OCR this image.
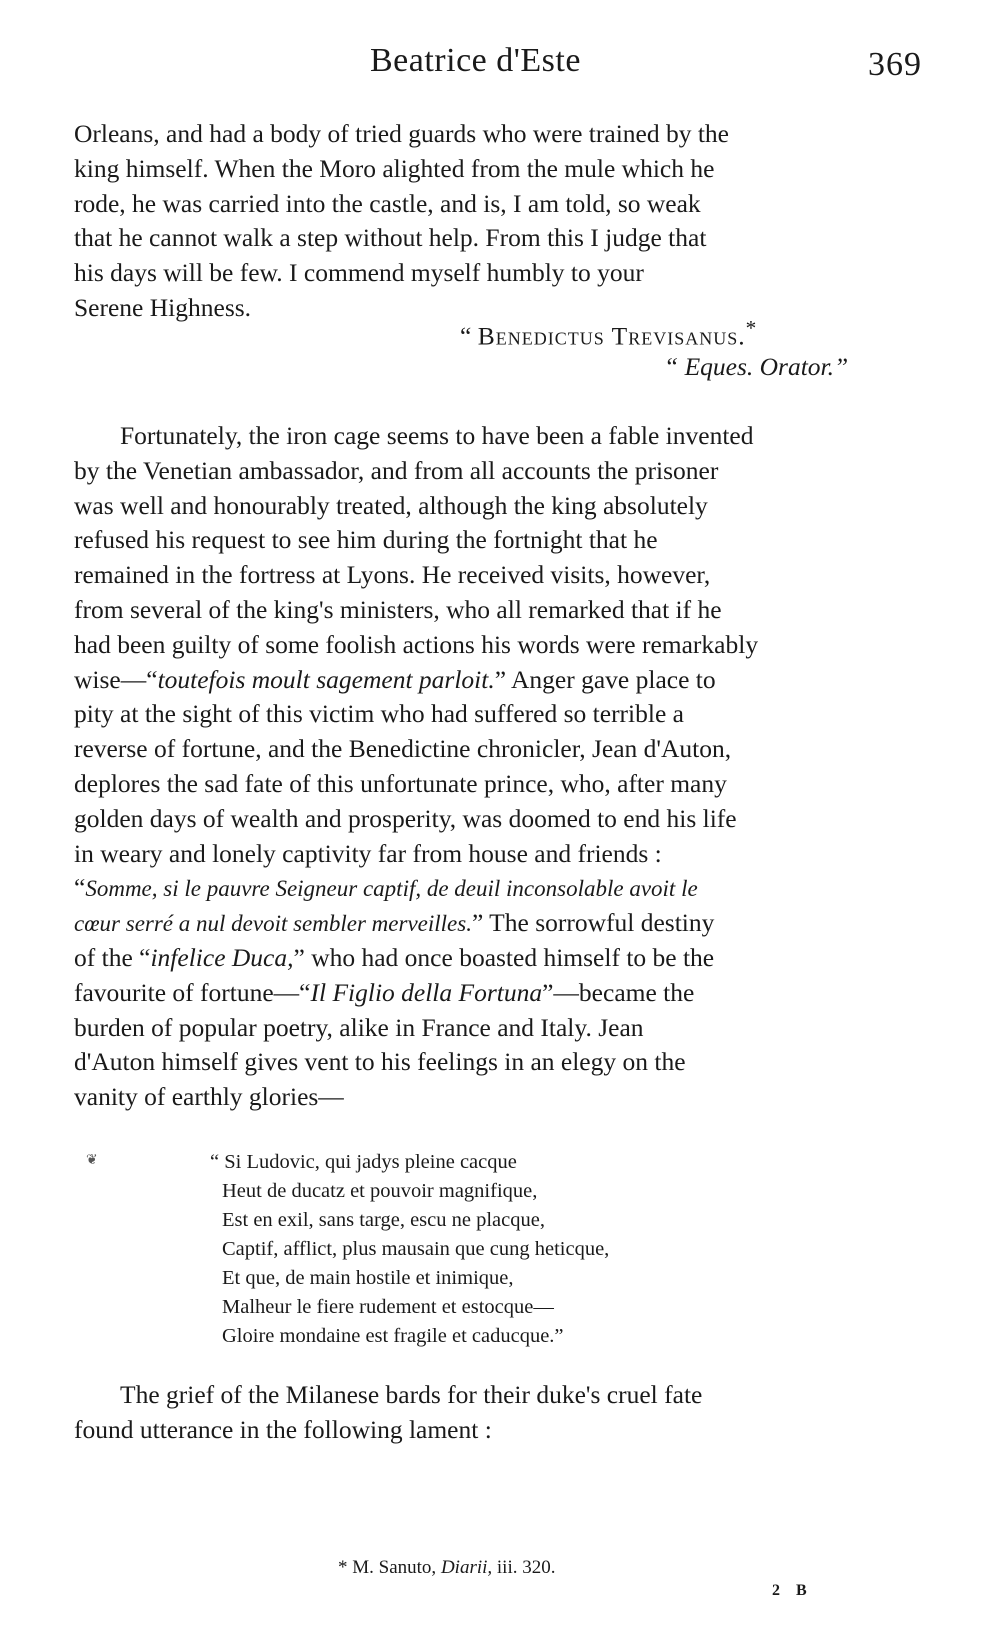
Beatrice d'Este	369
Orleans, and had a body of tried guards who were trained by the
king himself. When the Moro alighted from the mule which he
rode, he was carried into the castle, and is, I am told, so weak
that he cannot walk a step without help. From this I judge that
his days will be few. I commend myself humbly to your
Serene Highness.
“ Benedictus Trevisanus.*
“ Eques. Orator.”
Fortunately, the iron cage seems to have been a fable invented
by the Venetian ambassador, and from all accounts the prisoner
was well and honourably treated, although the king absolutely
refused his request to see him during the fortnight that he
remained in the fortress at Lyons. He received visits, however,
from several of the king's ministers, who all remarked that if he
had been guilty of some foolish actions his words were remarkably
wise—“toutefois moult sagement parloit.” Anger gave place to
pity at the sight of this victim who had suffered so terrible a
reverse of fortune, and the Benedictine chronicler, Jean d'Auton,
deplores the sad fate of this unfortunate prince, who, after many
golden days of wealth and prosperity, was doomed to end his life
in weary and lonely captivity far from house and friends :
“Somme, si le pauvre Seigneur captif, de deuil inconsolable avoit le
cœur serré a nul devoit sembler merveilles.” The sorrowful destiny
of the “infelice Duca,” who had once boasted himself to be the
favourite of fortune—“Il Figlio della Fortuna”—became the
burden of popular poetry, alike in France and Italy. Jean
d'Auton himself gives vent to his feelings in an elegy on the
vanity of earthly glories—
❦	“ Si Ludovic, qui jadys pleine cacque
Heut de ducatz et pouvoir magnifique,
Est en exil, sans targe, escu ne placque,
Captif, afflict, plus mausain que cung heticque,
Et que, de main hostile et inimique,
Malheur le fiere rudement et estocque—
Gloire mondaine est fragile et caducque.”
The grief of the Milanese bards for their duke's cruel fate
found utterance in the following lament :
* M. Sanuto, Diarii, iii. 320.
2 B
